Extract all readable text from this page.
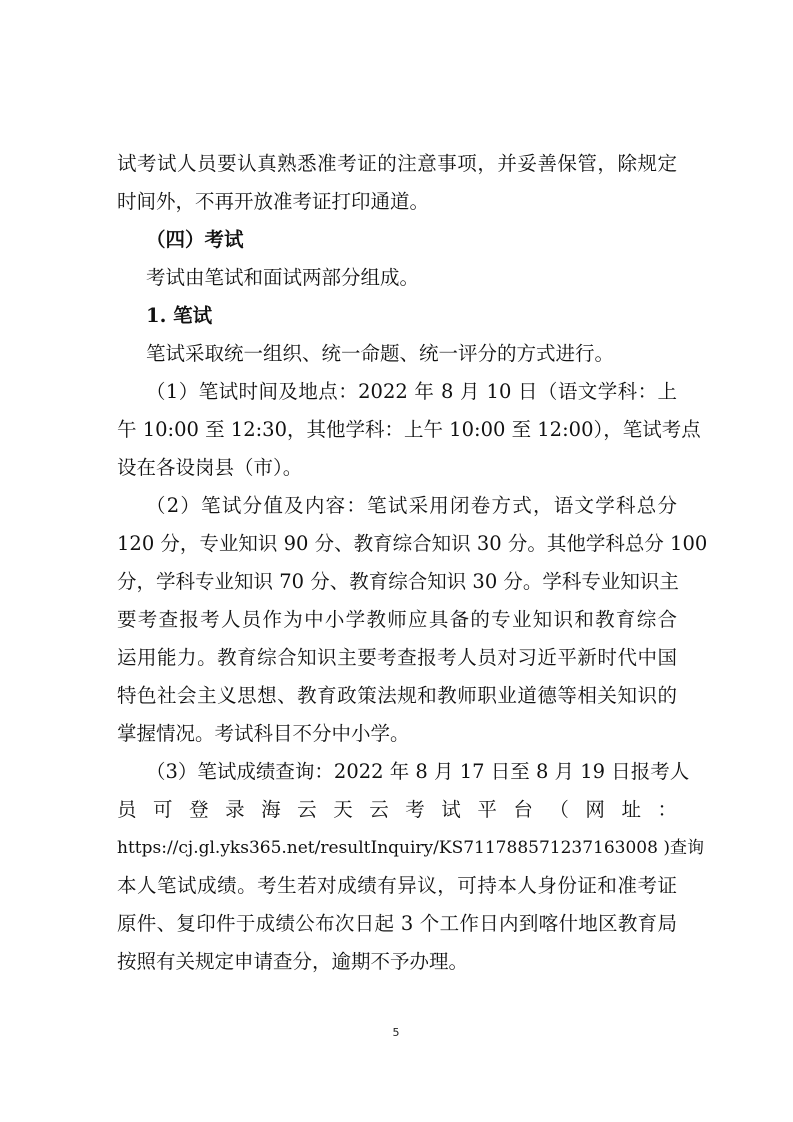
试考试人员要认真熟悉准考证的注意事项，并妥善保管，除规定
时间外，不再开放准考证打印通道。
（四）考试
考试由笔试和面试两部分组成。
1. 笔试
笔试采取统一组织、统一命题、统一评分的方式进行。
（1）笔试时间及地点：2022 年 8 月 10 日（语文学科：上
午 10:00 至 12:30，其他学科：上午 10:00 至 12:00），笔试考点
设在各设岗县（市）。
（2）笔试分值及内容：笔试采用闭卷方式，语文学科总分
120 分，专业知识 90 分、教育综合知识 30 分。其他学科总分 100
分，学科专业知识 70 分、教育综合知识 30 分。学科专业知识主
要考查报考人员作为中小学教师应具备的专业知识和教育综合
运用能力。教育综合知识主要考查报考人员对习近平新时代中国
特色社会主义思想、教育政策法规和教师职业道德等相关知识的
掌握情况。考试科目不分中小学。
（3）笔试成绩查询：2022 年 8 月 17 日至 8 月 19 日报考人
员 可 登 录 海 云 天 云 考 试 平 台 （ 网 址 ：
https://cj.gl.yks365.net/resultInquiry/KS711788571237163008 )查询
本人笔试成绩。考生若对成绩有异议，可持本人身份证和准考证
原件、复印件于成绩公布次日起 3 个工作日内到喀什地区教育局
按照有关规定申请查分，逾期不予办理。
5
